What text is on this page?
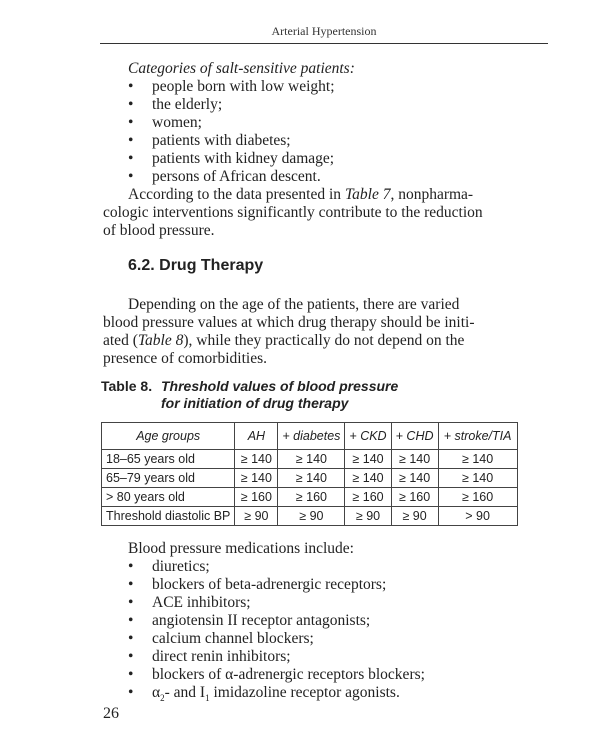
Arterial Hypertension
Categories of salt-sensitive patients:
• people born with low weight;
• the elderly;
• women;
• patients with diabetes;
• patients with kidney damage;
• persons of African descent.
According to the data presented in Table 7, nonpharma-
cologic interventions significantly contribute to the reduction
of blood pressure.
6.2. Drug Therapy
Depending on the age of the patients, there are varied
blood pressure values at which drug therapy should be initi-
ated (Table 8), while they practically do not depend on the
presence of comorbidities.
Table 8. Threshold values of blood pressure
for initiation of drug therapy
Age groups	AH	+ diabetes	+ CKD	+ CHD	+ stroke/TIA
18–65 years old	≥ 140	≥ 140	≥ 140	≥ 140	≥ 140
65–79 years old	≥ 140	≥ 140	≥ 140	≥ 140	≥ 140
> 80 years old	≥ 160	≥ 160	≥ 160	≥ 160	≥ 160
Threshold diastolic BP	≥ 90	≥ 90	≥ 90	≥ 90	> 90
Blood pressure medications include:
• diuretics;
• blockers of beta-adrenergic receptors;
• ACE inhibitors;
• angiotensin II receptor antagonists;
• calcium channel blockers;
• direct renin inhibitors;
• blockers of α-adrenergic receptors blockers;
• $\alpha_2-$ and $I_1$ imidazoline receptor agonists.
26
